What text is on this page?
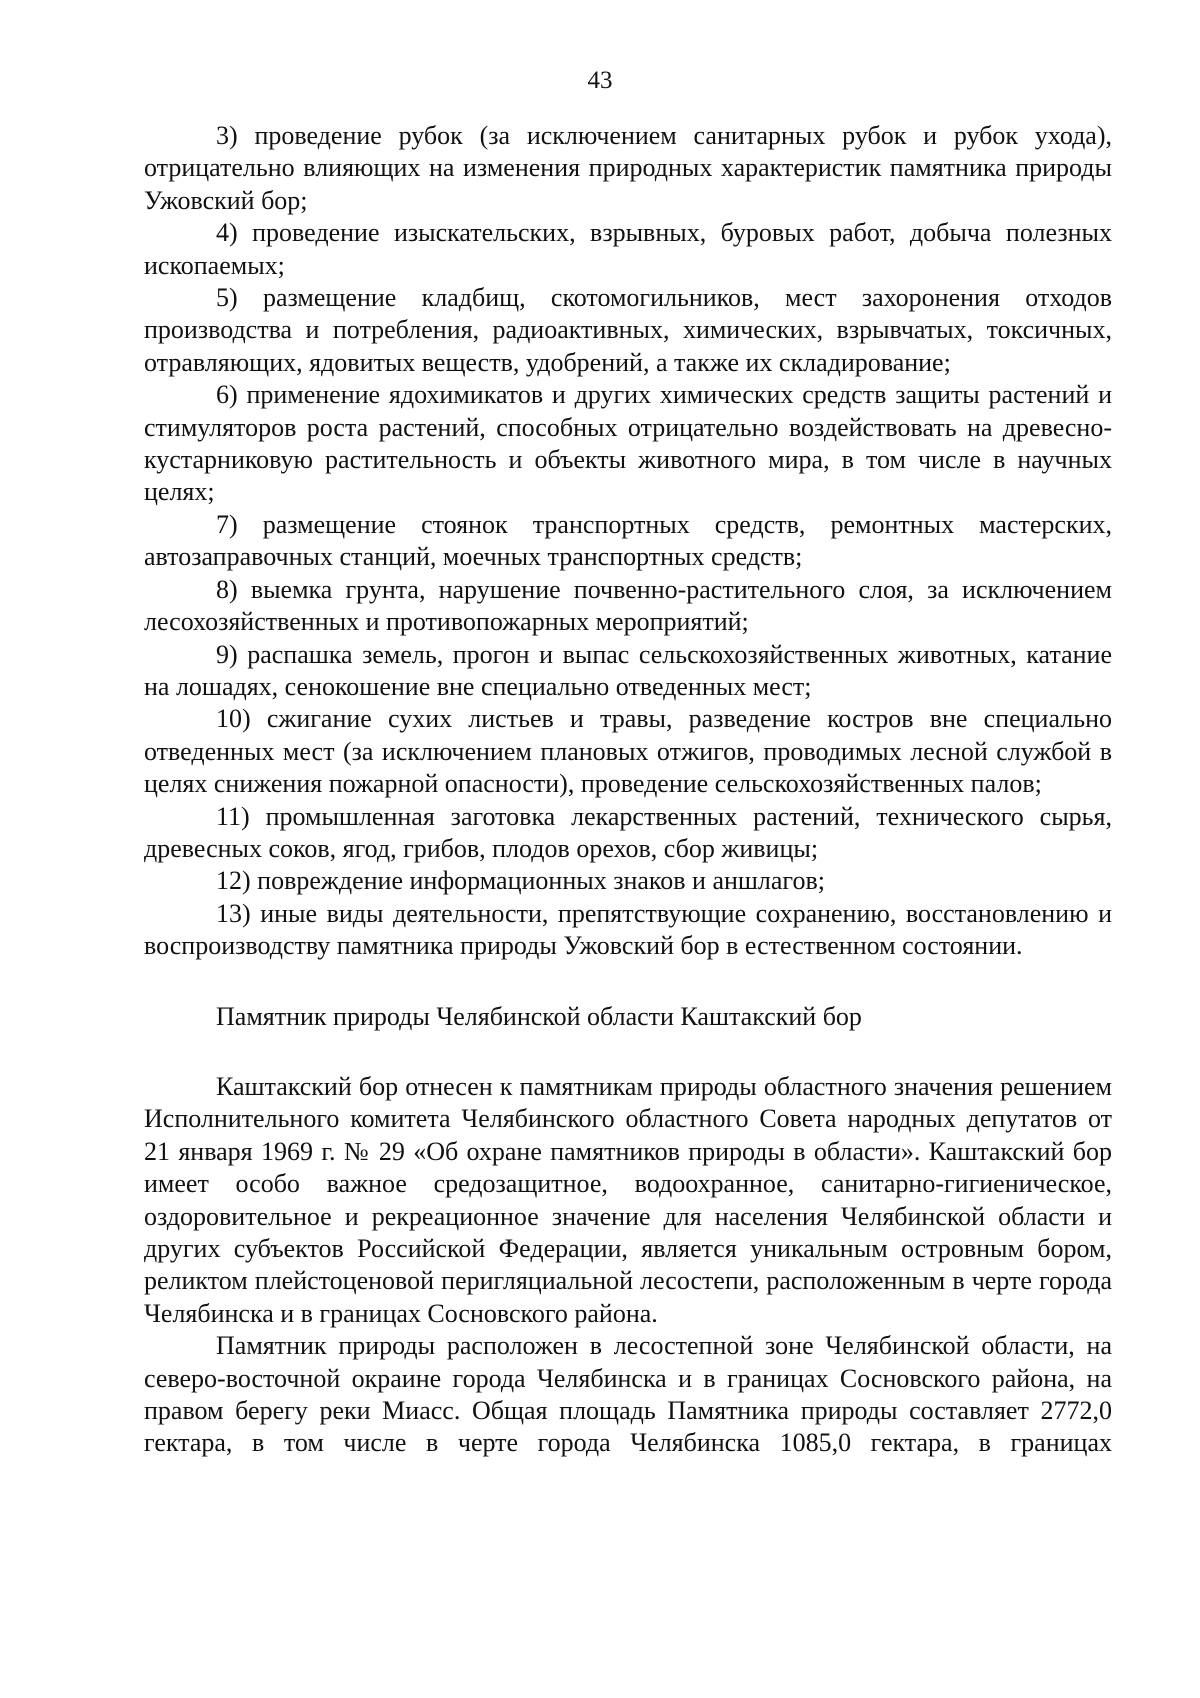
43

3) проведение рубок (за исключением санитарных рубок и рубок ухода), отрицательно влияющих на изменения природных характеристик памятника природы Ужовский бор;

4) проведение изыскательских, взрывных, буровых работ, добыча полезных ископаемых;

5) размещение кладбищ, скотомогильников, мест захоронения отходов производства и потребления, радиоактивных, химических, взрывчатых, токсичных, отравляющих, ядовитых веществ, удобрений, а также их складирование;

6) применение ядохимикатов и других химических средств защиты растений и стимуляторов роста растений, способных отрицательно воздействовать на древесно-кустарниковую растительность и объекты животного мира, в том числе в научных целях;

7) размещение стоянок транспортных средств, ремонтных мастерских, автозаправочных станций, моечных транспортных средств;

8) выемка грунта, нарушение почвенно-растительного слоя, за исключением лесохозяйственных и противопожарных мероприятий;

9) распашка земель, прогон и выпас сельскохозяйственных животных, катание на лошадях, сенокошение вне специально отведенных мест;

10) сжигание сухих листьев и травы, разведение костров вне специально отведенных мест (за исключением плановых отжигов, проводимых лесной службой в целях снижения пожарной опасности), проведение сельскохозяйственных палов;

11) промышленная заготовка лекарственных растений, технического сырья, древесных соков, ягод, грибов, плодов орехов, сбор живицы;

12) повреждение информационных знаков и аншлагов;

13) иные виды деятельности, препятствующие сохранению, восстановлению и воспроизводству памятника природы Ужовский бор в естественном состоянии.

Памятник природы Челябинской области Каштакский бор

Каштакский бор отнесен к памятникам природы областного значения решением Исполнительного комитета Челябинского областного Совета народных депутатов от 21 января 1969 г. № 29 «Об охране памятников природы в области». Каштакский бор имеет особо важное средозащитное, водоохранное, санитарно-гигиеническое, оздоровительное и рекреационное значение для населения Челябинской области и других субъектов Российской Федерации, является уникальным островным бором, реликтом плейстоценовой перигляциальной лесостепи, расположенным в черте города Челябинска и в границах Сосновского района.

Памятник природы расположен в лесостепной зоне Челябинской области, на северо-восточной окраине города Челябинска и в границах Сосновского района, на правом берегу реки Миасс. Общая площадь Памятника природы составляет 2772,0 гектара, в том числе в черте города Челябинска 1085,0 гектара, в границах
